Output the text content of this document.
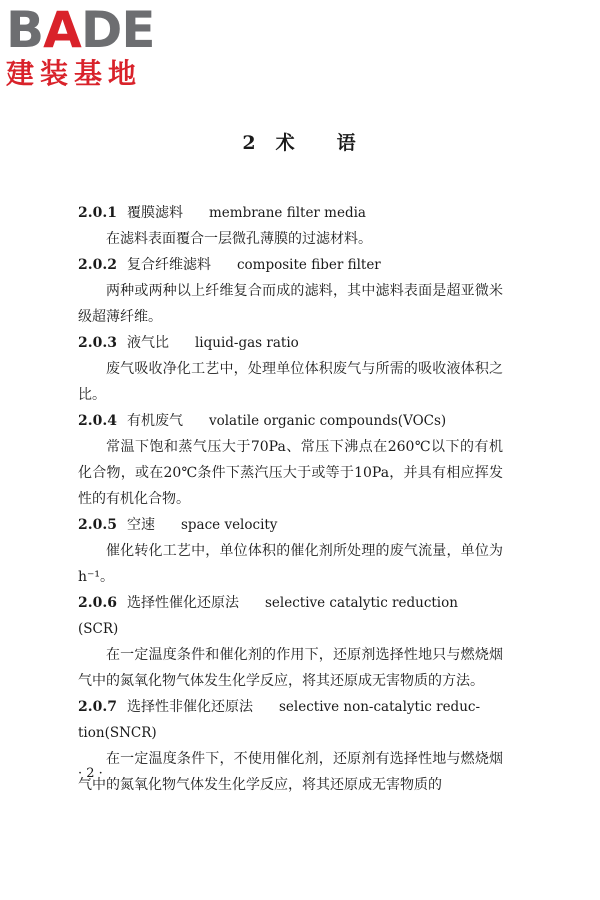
BADE
建装基地
2 术 语
2.0.1 覆膜滤料 membrane filter media

在滤料表面覆合一层微孔薄膜的过滤材料。

2.0.2 复合纤维滤料 composite fiber filter

两种或两种以上纤维复合而成的滤料，其中滤料表面是超亚微米级超薄纤维。

2.0.3 液气比 liquid-gas ratio

废气吸收净化工艺中，处理单位体积废气与所需的吸收液体积之比。

2.0.4 有机废气 volatile organic compounds(VOCs)

常温下饱和蒸气压大于70Pa、常压下沸点在260℃以下的有机化合物，或在20℃条件下蒸汽压大于或等于10Pa，并具有相应挥发性的有机化合物。

2.0.5 空速 space velocity

催化转化工艺中，单位体积的催化剂所处理的废气流量，单位为h⁻¹。

2.0.6 选择性催化还原法 selective catalytic reduction
(SCR)

在一定温度条件和催化剂的作用下，还原剂选择性地只与燃烧烟气中的氮氧化物气体发生化学反应，将其还原成无害物质的方法。

2.0.7 选择性非催化还原法 selective non-catalytic reduc-
tion(SNCR)

在一定温度条件下，不使用催化剂，还原剂有选择性地与燃烧烟气中的氮氧化物气体发生化学反应，将其还原成无害物质的

· 2 ·
